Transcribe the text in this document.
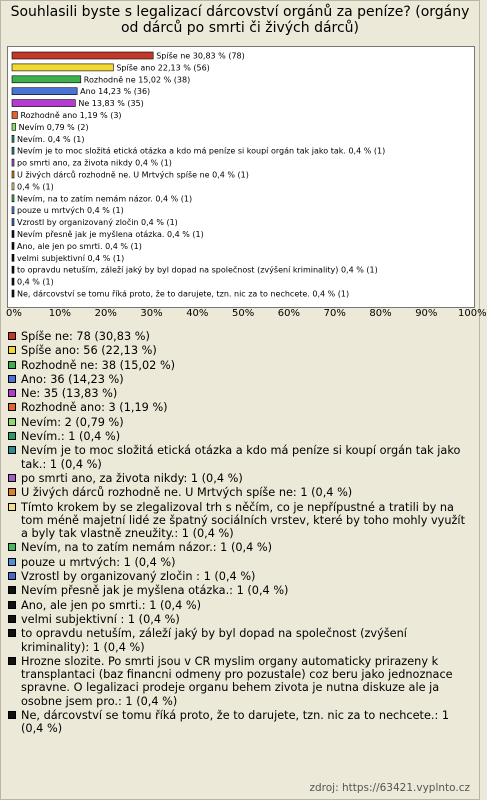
Souhlasili byste s legalizací dárcovství orgánů za peníze? (orgány od dárců po smrti či živých dárců)
Spíše ne 30,83 % (78)
Spíše ano 22,13 % (56)
Rozhodně ne 15,02 % (38)
Ano 14,23 % (36)
Ne 13,83 % (35)
Rozhodně ano 1,19 % (3)
Nevím 0,79 % (2)
Nevím. 0,4 % (1)
Nevím je to moc složitá etická otázka a kdo má peníze si koupí orgán tak jako tak. 0,4 % (1)
po smrti ano, za života nikdy 0,4 % (1)
U živých dárců rozhodně ne. U Mrtvých spíše ne 0,4 % (1)
0,4 % (1)
Nevím, na to zatím nemám názor. 0,4 % (1)
pouze u mrtvých 0,4 % (1)
Vzrostl by organizovaný zločin 0,4 % (1)
Nevím přesně jak je myšlena otázka. 0,4 % (1)
Ano, ale jen po smrti. 0,4 % (1)
velmi subjektivní 0,4 % (1)
to opravdu netuším, záleží jaký by byl dopad na společnost (zvýšení kriminality) 0,4 % (1)
0,4 % (1)
Ne, dárcovství se tomu říká proto, že to darujete, tzn. nic za to nechcete. 0,4 % (1)
0%	10% 20% 30% 40% 50% 60% 70% 80% 90% 100%
Spíše ne: 78 (30,83 %)
Spíše ano: 56 (22,13 %)
Rozhodně ne: 38 (15,02 %)
Ano: 36 (14,23 %)
Ne: 35 (13,83 %)
Rozhodně ano: 3 (1,19 %)
Nevím: 2 (0,79 %)
Nevím.: 1 (0,4 %)
Nevím je to moc složitá etická otázka a kdo má peníze si koupí orgán tak jako tak.: 1 (0,4 %)
po smrti ano, za života nikdy: 1 (0,4 %)
U živých dárců rozhodně ne. U Mrtvých spíše ne: 1 (0,4 %)
Tímto krokem by se zlegalizoval trh s něčím, co je nepřípustné a tratili by na tom méně majetní lidé ze špatný sociálních vrstev, které by toho mohly využít a byly tak vlastně zneužity.: 1 (0,4 %)
Nevím, na to zatím nemám názor.: 1 (0,4 %)
pouze u mrtvých: 1 (0,4 %)
Vzrostl by organizovaný zločin : 1 (0,4 %)
Nevím přesně jak je myšlena otázka.: 1 (0,4 %)
Ano, ale jen po smrti.: 1 (0,4 %)
velmi subjektivní : 1 (0,4 %)
to opravdu netuším, záleží jaký by byl dopad na společnost (zvýšení kriminality): 1 (0,4 %)
Hrozne slozite. Po smrti jsou v CR myslim organy automaticky prirazeny k transplantaci (baz financni odmeny pro pozustale) coz beru jako jednoznace spravne. O legalizaci prodeje organu behem zivota je nutna diskuze ale ja osobne jsem pro.: 1 (0,4 %)
Ne, dárcovství se tomu říká proto, že to darujete, tzn. nic za to nechcete.: 1 (0,4 %)
zdroj: https://63421.vyplnto.cz
